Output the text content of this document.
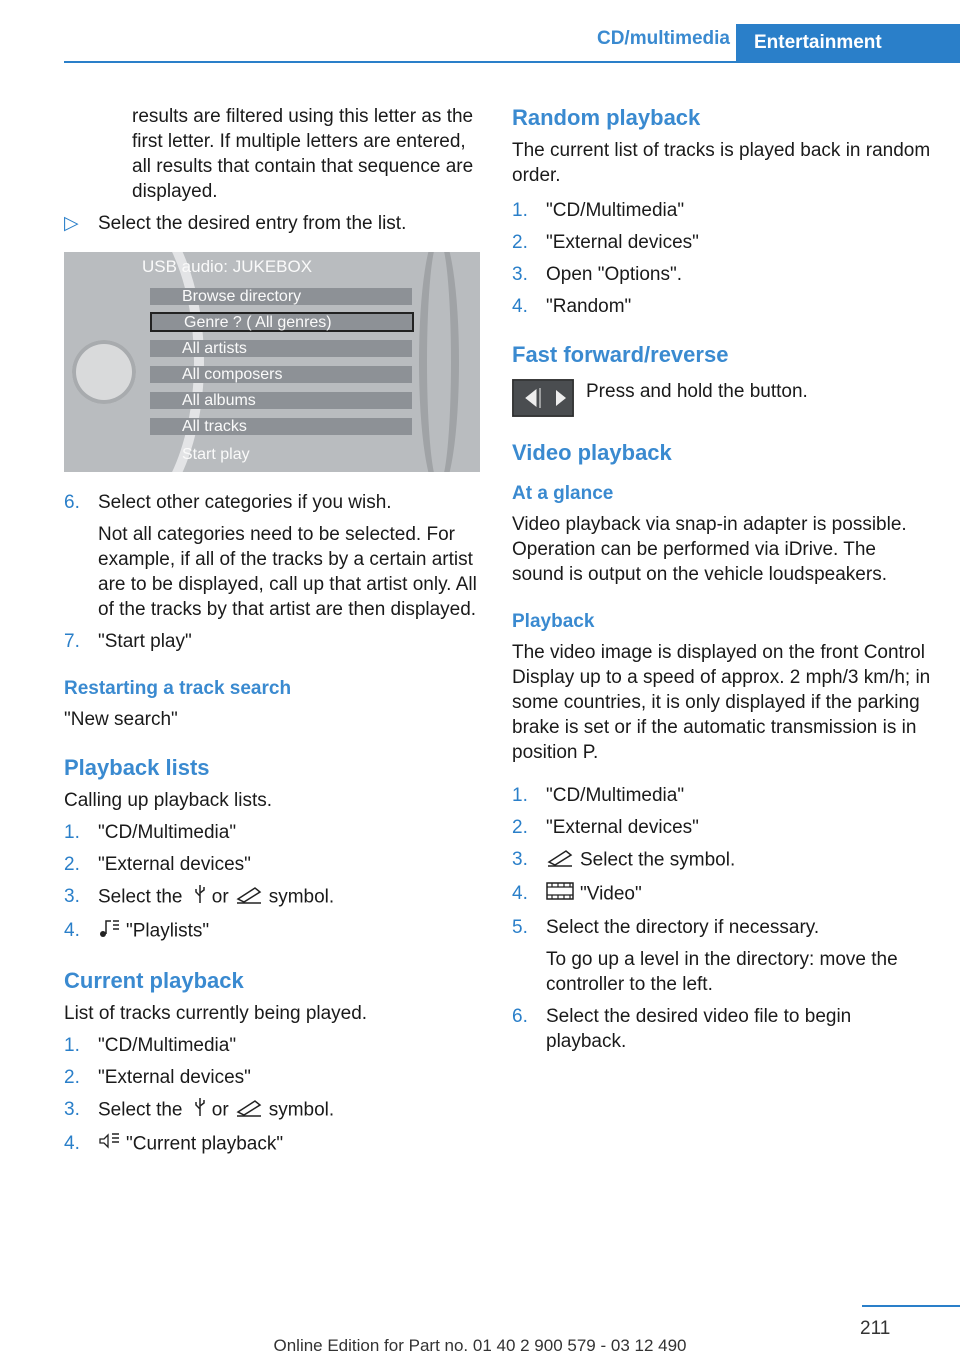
CD/multimedia	Entertainment
results are filtered using this letter as the first letter. If multiple letters are entered, all results that contain that sequence are displayed.
▷ Select the desired entry from the list.
USB audio: JUKEBOX
Browse directory
Genre ? ( All genres)
All artists
All composers
All albums
All tracks
Start play
6. Select other categories if you wish.
Not all categories need to be selected. For example, if all of the tracks by a certain artist are to be displayed, call up that artist only. All of the tracks by that artist are then displayed.
7. "Start play"
Restarting a track search
"New search"
Playback lists
Calling up playback lists.
1. "CD/Multimedia"
2. "External devices"
3. Select the or symbol.
4. "Playlists"
Current playback
List of tracks currently being played.
1. "CD/Multimedia"
2. "External devices"
3. Select the or symbol.
4. "Current playback"
Random playback
The current list of tracks is played back in random order.
1. "CD/Multimedia"
2. "External devices"
3. Open "Options".
4. "Random"
Fast forward/reverse
Press and hold the button.
Video playback
At a glance
Video playback via snap-in adapter is possible. Operation can be performed via iDrive. The sound is output on the vehicle loudspeakers.
Playback
The video image is displayed on the front Control Display up to a speed of approx. 2 mph/3 km/h; in some countries, it is only displayed if the parking brake is set or if the automatic transmission is in position P.
1. "CD/Multimedia"
2. "External devices"
3.	Select the symbol.
4.	"Video"
5. Select the directory if necessary.
To go up a level in the directory: move the controller to the left.
6. Select the desired video file to begin playback.
211
Online Edition for Part no. 01 40 2 900 579 - 03 12 490
